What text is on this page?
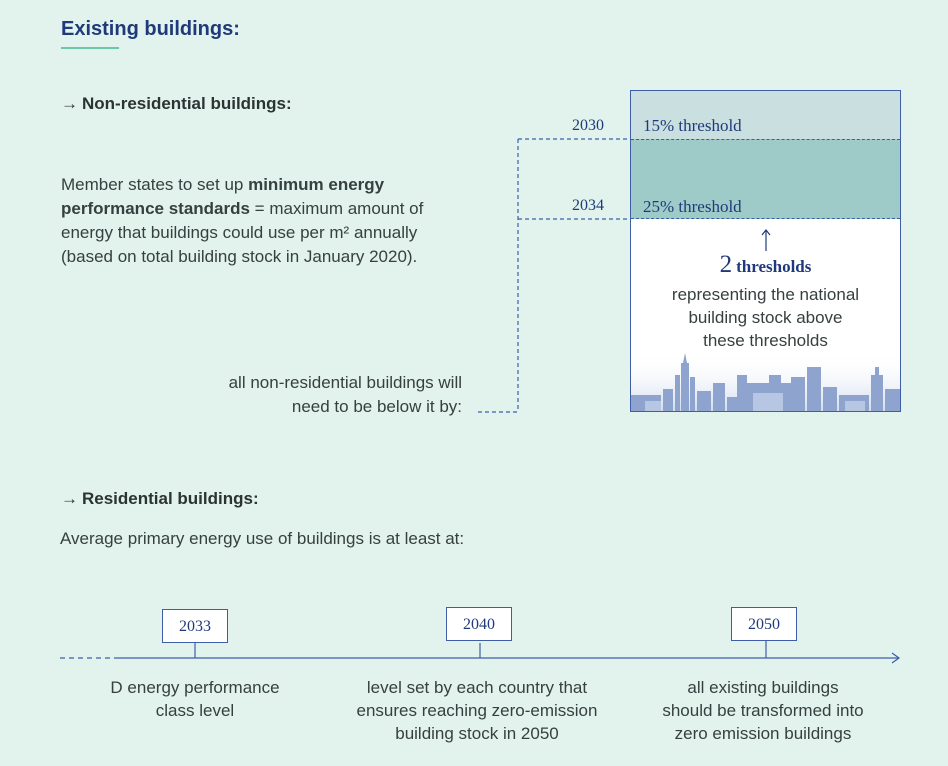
Existing buildings:
→ Non-residential buildings:
Member states to set up minimum energy performance standards = maximum amount of energy that buildings could use per m² annually (based on total building stock in January 2020).
all non-residential buildings will
need to be below it by:
2030
2034
15% threshold
25% threshold
2 thresholds
representing the national
building stock above
these thresholds
→ Residential buildings:
Average primary energy use of buildings is at least at:
2033	2040	2050
D energy performance
class level
level set by each country that
ensures reaching zero-emission
building stock in 2050
all existing buildings
should be transformed into
zero emission buildings
